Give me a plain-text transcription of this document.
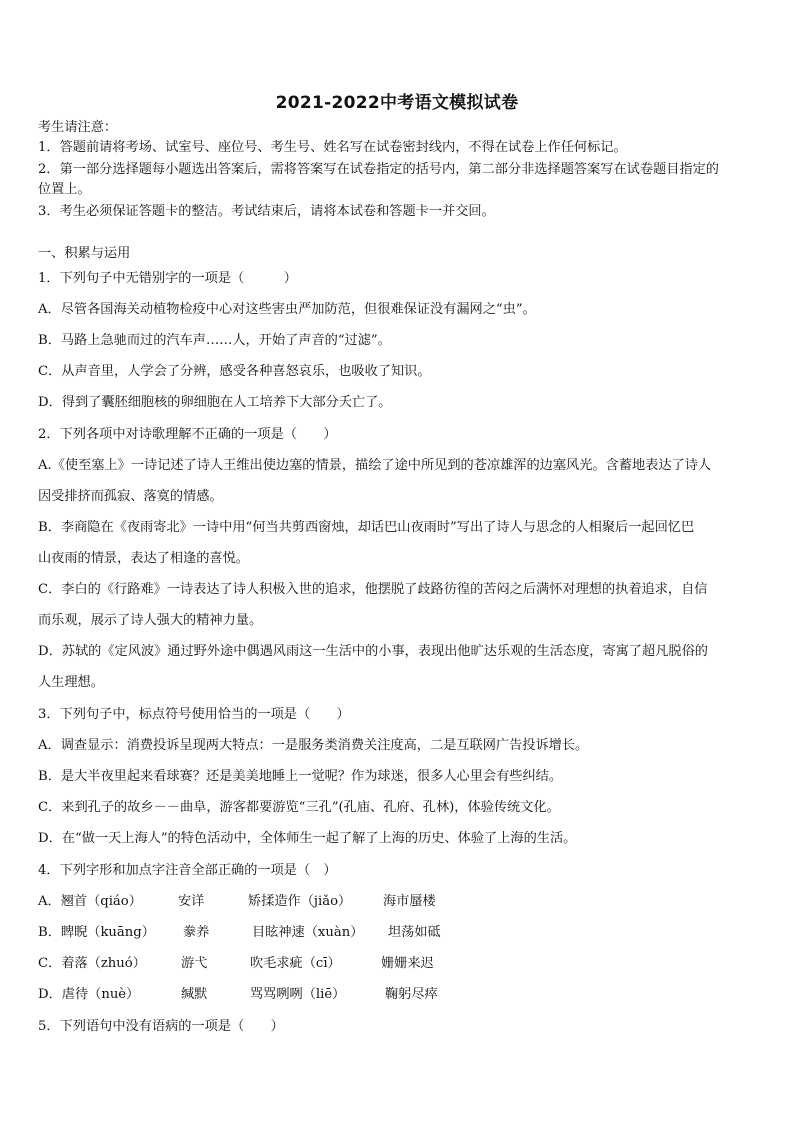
2021-2022中考语文模拟试卷
考生请注意：
1．答题前请将考场、试室号、座位号、考生号、姓名写在试卷密封线内，不得在试卷上作任何标记。
2．第一部分选择题每小题选出答案后，需将答案写在试卷指定的括号内，第二部分非选择题答案写在试卷题目指定的
位置上。
3．考生必须保证答题卡的整洁。考试结束后，请将本试卷和答题卡一并交回。
一、积累与运用
1．下列句子中无错别字的一项是（　　　）
A．尽管各国海关动植物检疫中心对这些害虫严加防范，但很难保证没有漏网之“虫”。
B．马路上急驰而过的汽车声……人，开始了声音的“过滤”。
C．从声音里，人学会了分辨，感受各种喜怒哀乐，也吸收了知识。
D．得到了囊胚细胞核的卵细胞在人工培养下大部分夭亡了。
2．下列各项中对诗歌理解不正确的一项是（　　）
A.《使至塞上》一诗记述了诗人王维出使边塞的情景，描绘了途中所见到的苍凉雄浑的边塞风光。含蓄地表达了诗人
因受排挤而孤寂、落寞的情感。
B．李商隐在《夜雨寄北》一诗中用“何当共剪西窗烛，却话巴山夜雨时”写出了诗人与思念的人相聚后一起回忆巴
山夜雨的情景，表达了相逢的喜悦。
C．李白的《行路难》一诗表达了诗人积极入世的追求，他摆脱了歧路彷徨的苦闷之后满怀对理想的执着追求，自信
而乐观，展示了诗人强大的精神力量。
D．苏轼的《定风波》通过野外途中偶遇风雨这一生活中的小事，表现出他旷达乐观的生活态度，寄寓了超凡脱俗的
人生理想。
3．下列句子中，标点符号使用恰当的一项是（　　）
A．调查显示：消费投诉呈现两大特点：一是服务类消费关注度高，二是互联网广告投诉增长。
B．是大半夜里起来看球赛？还是美美地睡上一觉呢？作为球迷，很多人心里会有些纠结。
C．来到孔子的故乡－－曲阜，游客都要游览“三孔”(孔庙、孔府、孔林)，体验传统文化。
D．在“做一天上海人”的特色活动中，全体师生一起了解了上海的历史、体验了上海的生活。
4．下列字形和加点字注音全部正确的一项是（　）
A．翘首（qiáo）	安详	矫揉造作（jiǎo） 海市蜃楼
B．睥睨（kuāng） 豢养	目眩神速（xuàn） 坦荡如砥
C．着落（zhuó）	游弋	吹毛求疵（cī）	姗姗来迟
D．虐待（nuè）	缄默	骂骂咧咧（liē）	鞠躬尽瘁
5．下列语句中没有语病的一项是（　　）
